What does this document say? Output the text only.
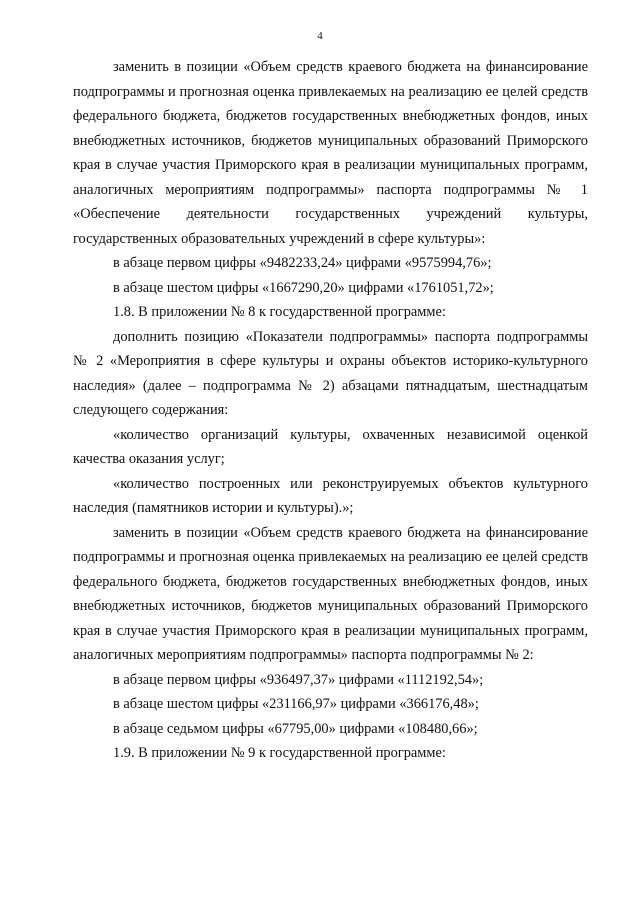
4

заменить в позиции «Объем средств краевого бюджета на финансирование подпрограммы и прогнозная оценка привлекаемых на реализацию ее целей средств федерального бюджета, бюджетов государственных внебюджетных фондов, иных внебюджетных источников, бюджетов муниципальных образований Приморского края в случае участия Приморского края в реализации муниципальных программ, аналогичных мероприятиям подпрограммы» паспорта подпрограммы № 1 «Обеспечение деятельности государственных учреждений культуры, государственных образовательных учреждений в сфере культуры»:

в абзаце первом цифры «9482233,24» цифрами «9575994,76»;

в абзаце шестом цифры «1667290,20» цифрами «1761051,72»;

1.8. В приложении № 8 к государственной программе:

дополнить позицию «Показатели подпрограммы» паспорта подпрограммы № 2 «Мероприятия в сфере культуры и охраны объектов историко-культурного наследия» (далее – подпрограмма № 2) абзацами пятнадцатым, шестнадцатым следующего содержания:

«количество организаций культуры, охваченных независимой оценкой качества оказания услуг;

«количество построенных или реконструируемых объектов культурного наследия (памятников истории и культуры).»;

заменить в позиции «Объем средств краевого бюджета на финансирование подпрограммы и прогнозная оценка привлекаемых на реализацию ее целей средств федерального бюджета, бюджетов государственных внебюджетных фондов, иных внебюджетных источников, бюджетов муниципальных образований Приморского края в случае участия Приморского края в реализации муниципальных программ, аналогичных мероприятиям подпрограммы» паспорта подпрограммы № 2:

в абзаце первом цифры «936497,37» цифрами «1112192,54»;

в абзаце шестом цифры «231166,97» цифрами «366176,48»;

в абзаце седьмом цифры «67795,00» цифрами «108480,66»;

1.9. В приложении № 9 к государственной программе:
